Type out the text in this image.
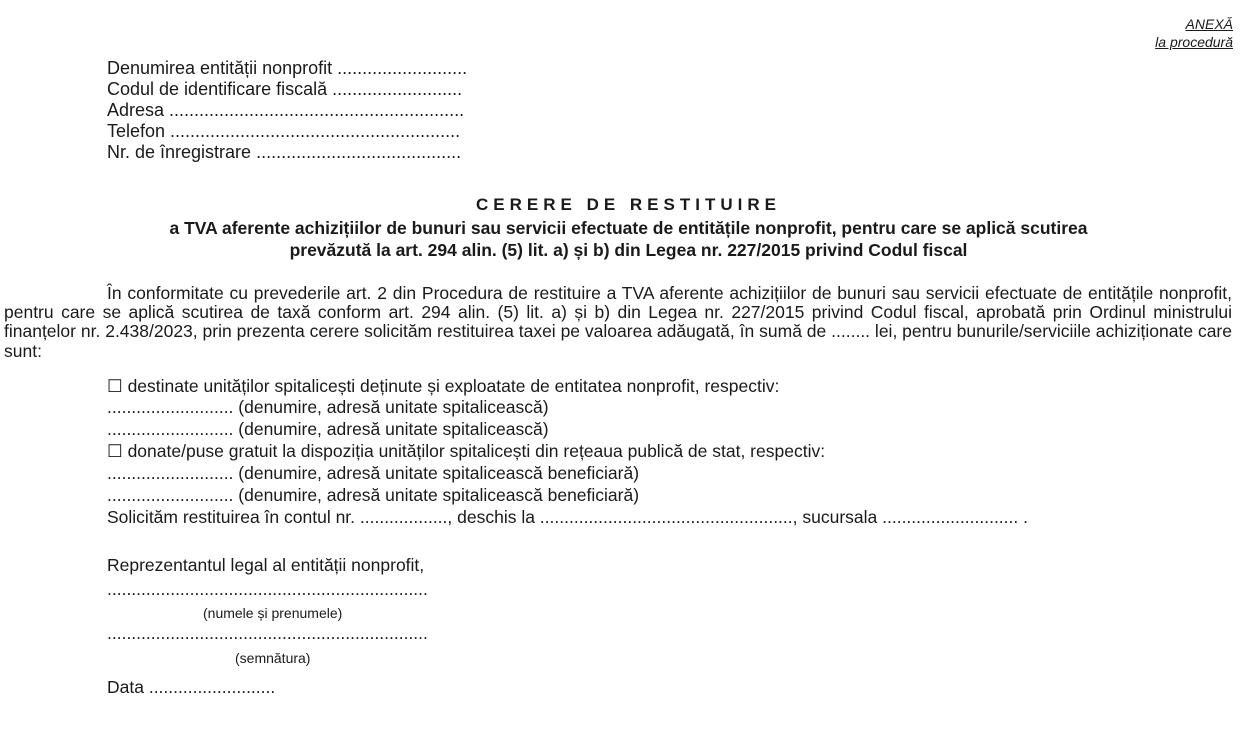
ANEXĂ
la procedură
Denumirea entității nonprofit ..........................
Codul de identificare fiscală ..........................
Adresa ...........................................................
Telefon ..........................................................
Nr. de înregistrare .........................................
CERERE DE RESTITUIRE
a TVA aferente achizițiilor de bunuri sau servicii efectuate de entitățile nonprofit, pentru care se aplică scutirea
prevăzută la art. 294 alin. (5) lit. a) și b) din Legea nr. 227/2015 privind Codul fiscal

În conformitate cu prevederile art. 2 din Procedura de restituire a TVA aferente achizițiilor de bunuri sau servicii efectuate de entitățile nonprofit, pentru care se aplică scutirea de taxă conform art. 294 alin. (5) lit. a) și b) din Legea nr. 227/2015 privind Codul fiscal, aprobată prin Ordinul ministrului finanțelor nr. 2.438/2023, prin prezenta cerere solicităm restituirea taxei pe valoarea adăugată, în sumă de ........ lei, pentru bunurile/serviciile achiziționate care sunt:

☐ destinate unităților spitalicești deținute și exploatate de entitatea nonprofit, respectiv:
.......................... (denumire, adresă unitate spitalicească)
.......................... (denumire, adresă unitate spitalicească)
☐ donate/puse gratuit la dispoziția unităților spitalicești din rețeaua publică de stat, respectiv:
.......................... (denumire, adresă unitate spitalicească beneficiară)
.......................... (denumire, adresă unitate spitalicească beneficiară)
Solicităm restituirea în contul nr. .................., deschis la ...................................................., sucursala ............................ .
Reprezentantul legal al entității nonprofit,
..................................................................
(numele și prenumele)
..................................................................
(semnătura)
Data ..........................
